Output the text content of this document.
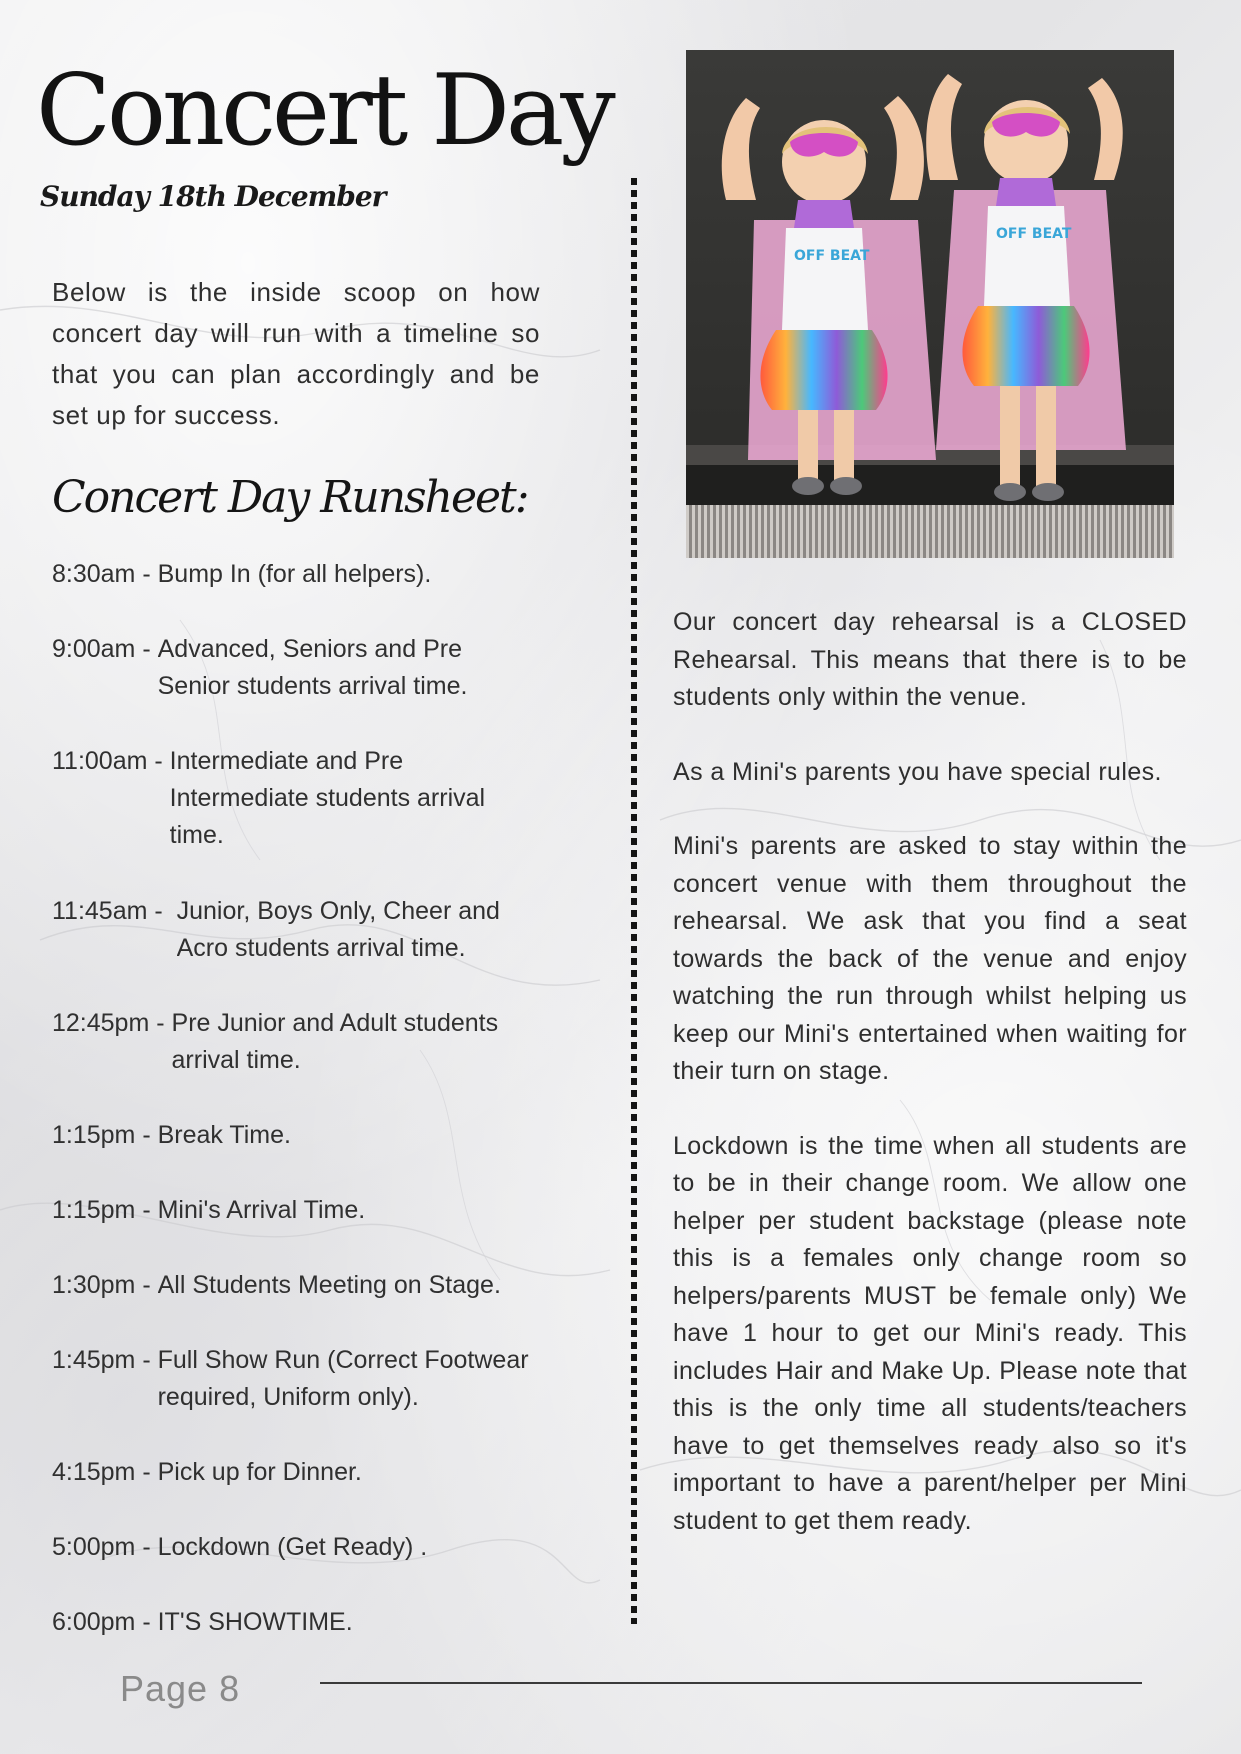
Concert Day
Sunday 18th December

Below is the inside scoop on how concert day will run with a timeline so that you can plan accordingly and be set up for success.

Concert Day Runsheet:
8:30am - Bump In (for all helpers).
9:00am - Advanced, Seniors and Pre Senior students arrival time.
11:00am - Intermediate and Pre Intermediate students arrival time.
11:45am - Junior, Boys Only, Cheer and Acro students arrival time.
12:45pm - Pre Junior and Adult students arrival time.
1:15pm - Break Time.
1:15pm - Mini's Arrival Time.
1:30pm - All Students Meeting on Stage.
1:45pm - Full Show Run (Correct Footwear required, Uniform only).
4:15pm - Pick up for Dinner.
5:00pm - Lockdown (Get Ready) .
6:00pm - IT'S SHOWTIME.
OFF BEAT
OFF BEAT

Our concert day rehearsal is a CLOSED Rehearsal. This means that there is to be students only within the venue.

As a Mini's parents you have special rules.

Mini's parents are asked to stay within the concert venue with them throughout the rehearsal. We ask that you find a seat towards the back of the venue and enjoy watching the run through whilst helping us keep our Mini's entertained when waiting for their turn on stage.

Lockdown is the time when all students are to be in their change room. We allow one helper per student backstage (please note this is a females only change room so helpers/parents MUST be female only) We have 1 hour to get our Mini's ready. This includes Hair and Make Up. Please note that this is the only time all students/teachers have to get themselves ready also so it's important to have a parent/helper per Mini student to get them ready.

Page 8
